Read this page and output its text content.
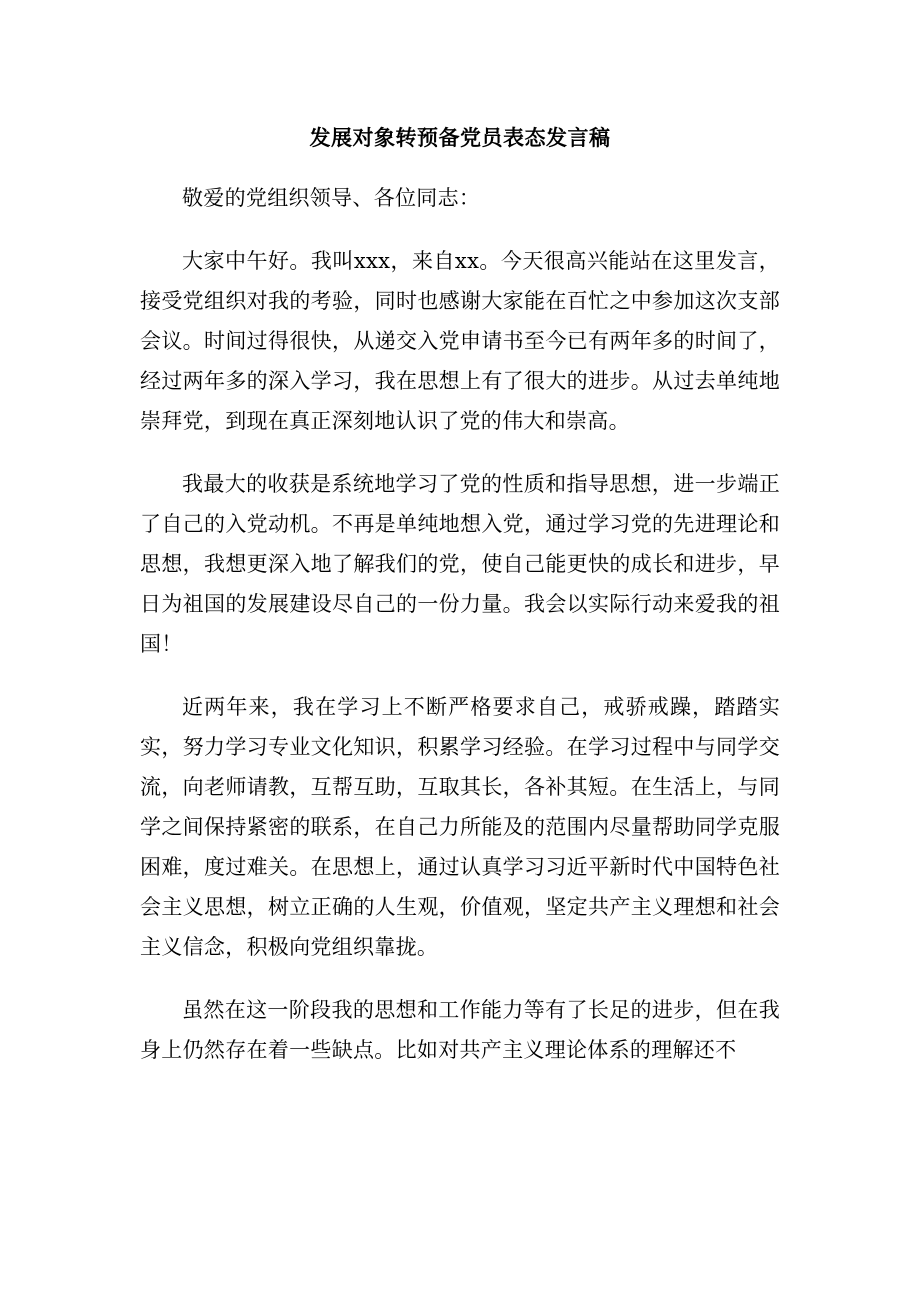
发展对象转预备党员表态发言稿

敬爱的党组织领导、各位同志：

大家中午好。我叫xxx，来自xx。今天很高兴能站在这里发言，接受党组织对我的考验，同时也感谢大家能在百忙之中参加这次支部会议。时间过得很快，从递交入党申请书至今已有两年多的时间了，经过两年多的深入学习，我在思想上有了很大的进步。从过去单纯地崇拜党，到现在真正深刻地认识了党的伟大和崇高。

我最大的收获是系统地学习了党的性质和指导思想，进一步端正了自己的入党动机。不再是单纯地想入党，通过学习党的先进理论和思想，我想更深入地了解我们的党，使自己能更快的成长和进步，早日为祖国的发展建设尽自己的一份力量。我会以实际行动来爱我的祖国！

近两年来，我在学习上不断严格要求自己，戒骄戒躁，踏踏实实，努力学习专业文化知识，积累学习经验。在学习过程中与同学交流，向老师请教，互帮互助，互取其长，各补其短。在生活上，与同学之间保持紧密的联系，在自己力所能及的范围内尽量帮助同学克服困难，度过难关。在思想上，通过认真学习习近平新时代中国特色社会主义思想，树立正确的人生观，价值观，坚定共产主义理想和社会主义信念，积极向党组织靠拢。

虽然在这一阶段我的思想和工作能力等有了长足的进步，但在我身上仍然存在着一些缺点。比如对共产主义理论体系的理解还不
